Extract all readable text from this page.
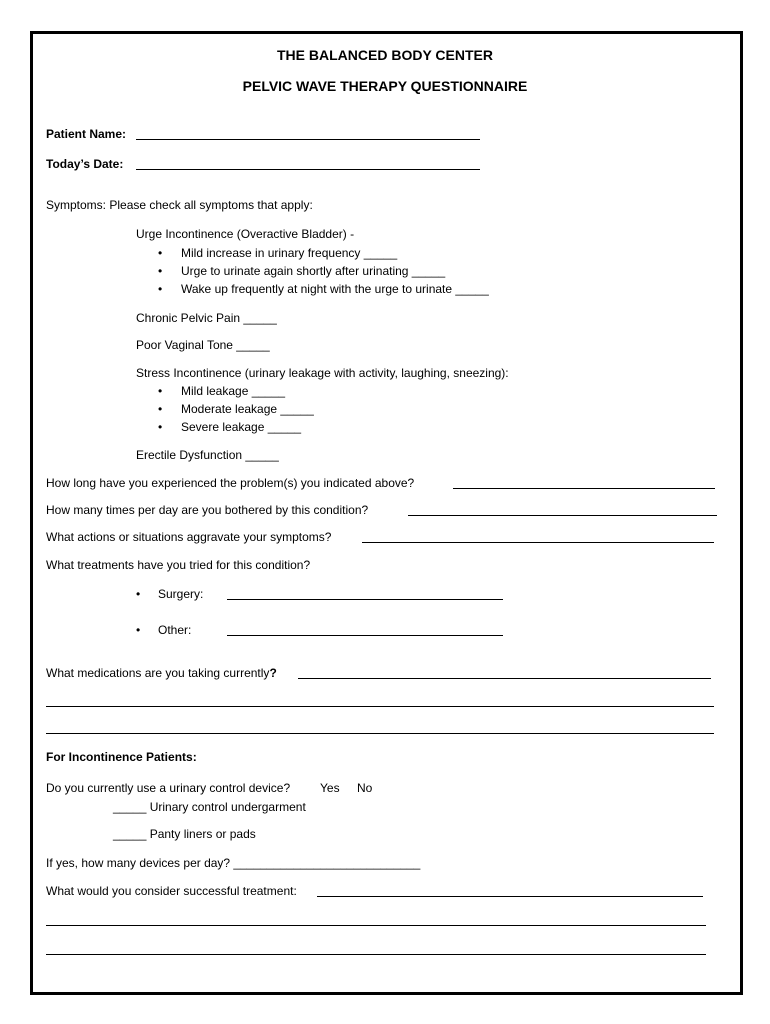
THE BALANCED BODY CENTER
PELVIC WAVE THERAPY QUESTIONNAIRE
Patient Name:
Today’s Date:
Symptoms: Please check all symptoms that apply:
Urge Incontinence (Overactive Bladder) -
• Mild increase in urinary frequency _____
• Urge to urinate again shortly after urinating _____
• Wake up frequently at night with the urge to urinate _____
Chronic Pelvic Pain _____
Poor Vaginal Tone _____
Stress Incontinence (urinary leakage with activity, laughing, sneezing):
• Mild leakage _____
• Moderate leakage _____
• Severe leakage _____
Erectile Dysfunction _____
How long have you experienced the problem(s) you indicated above?
How many times per day are you bothered by this condition?
What actions or situations aggravate your symptoms?
What treatments have you tried for this condition?
• Surgery:
• Other:
What medications are you taking currently?
For Incontinence Patients:
Do you currently use a urinary control device? Yes No
_____ Urinary control undergarment
_____ Panty liners or pads
If yes, how many devices per day? ____________________________
What would you consider successful treatment:
